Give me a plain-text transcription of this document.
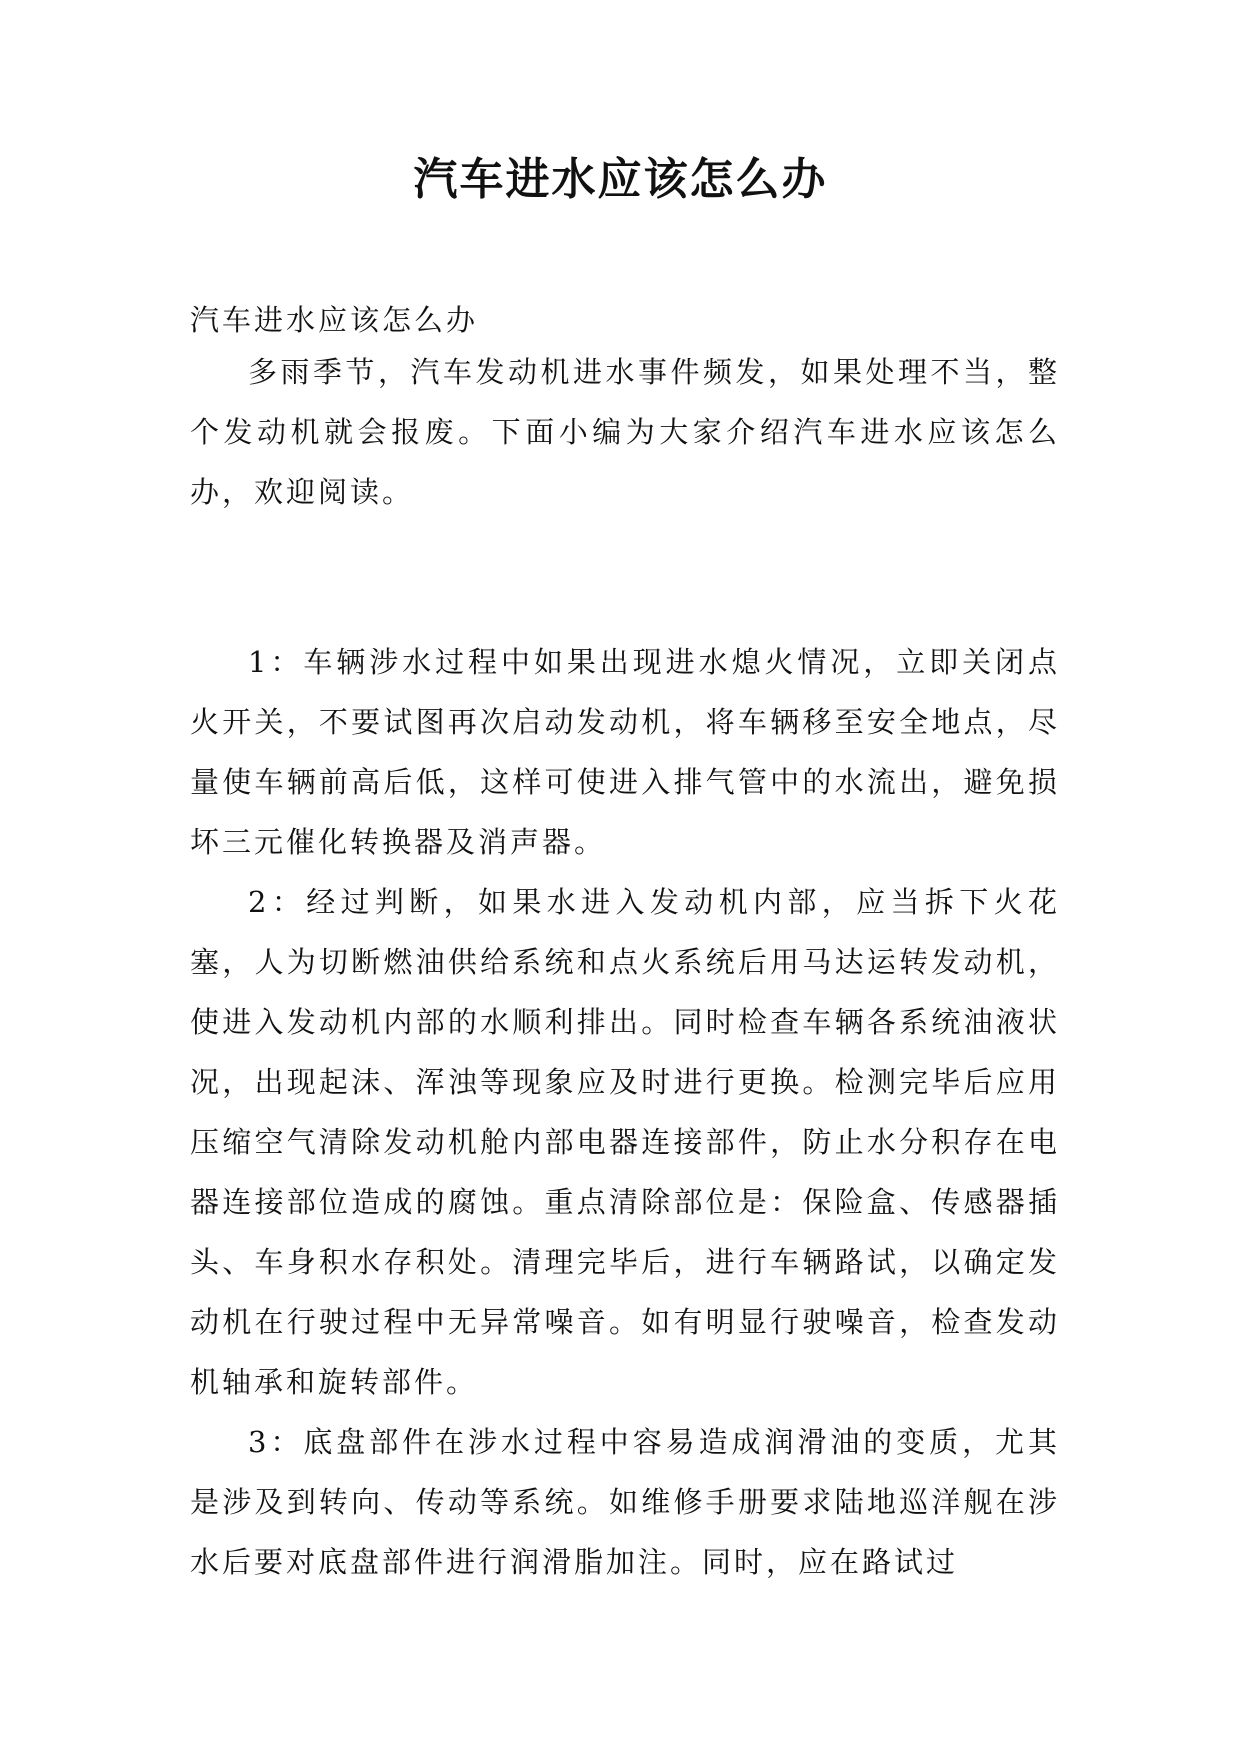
汽车进水应该怎么办
汽车进水应该怎么办

多雨季节，汽车发动机进水事件频发，如果处理不当，整个发动机就会报废。下面小编为大家介绍汽车进水应该怎么办，欢迎阅读。

1：车辆涉水过程中如果出现进水熄火情况，立即关闭点火开关，不要试图再次启动发动机，将车辆移至安全地点，尽量使车辆前高后低，这样可使进入排气管中的水流出，避免损坏三元催化转换器及消声器。

2：经过判断，如果水进入发动机内部，应当拆下火花塞，人为切断燃油供给系统和点火系统后用马达运转发动机，使进入发动机内部的水顺利排出。同时检查车辆各系统油液状况，出现起沫、浑浊等现象应及时进行更换。检测完毕后应用压缩空气清除发动机舱内部电器连接部件，防止水分积存在电器连接部位造成的腐蚀。重点清除部位是：保险盒、传感器插头、车身积水存积处。清理完毕后，进行车辆路试，以确定发动机在行驶过程中无异常噪音。如有明显行驶噪音，检查发动机轴承和旋转部件。

3：底盘部件在涉水过程中容易造成润滑油的变质，尤其是涉及到转向、传动等系统。如维修手册要求陆地巡洋舰在涉水后要对底盘部件进行润滑脂加注。同时，应在路试过
